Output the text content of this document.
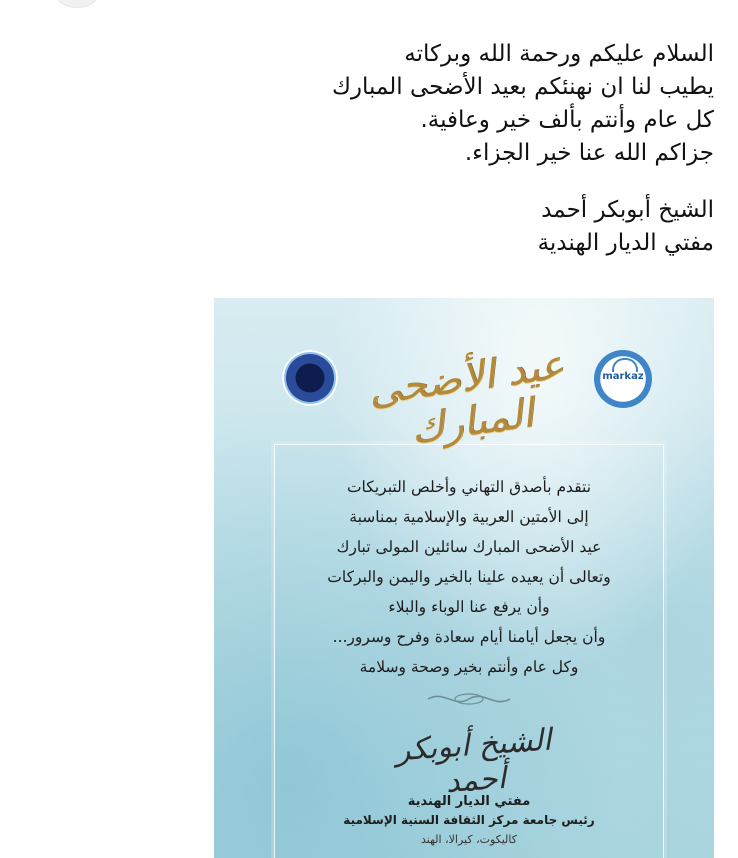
السلام عليكم ورحمة الله وبركاته

يطيب لنا ان نهنئكم بعيد الأضحى المبارك

كل عام وأنتم بألف خير وعافية.

جزاكم الله عنا خير الجزاء.

الشيخ أبوبكر أحمد

مفتي الديار الهندية

markaz
عيد الأضحى المبارك
نتقدم بأصدق التهاني وأخلص التبريكات
إلى الأمتين العربية والإسلامية بمناسبة
عيد الأضحى المبارك سائلين المولى تبارك
وتعالى أن يعيده علينا بالخير واليمن والبركات
وأن يرفع عنا الوباء والبلاء
وأن يجعل أيامنا أيام سعادة وفرح وسرور...
وكل عام وأنتم بخير وصحة وسلامة
الشيخ أبوبكر أحمد
مفتي الديار الهندية
رئيس جامعة مركز الثقافة السنية الإسلامية
كاليكوت، كيرالا، الهند
